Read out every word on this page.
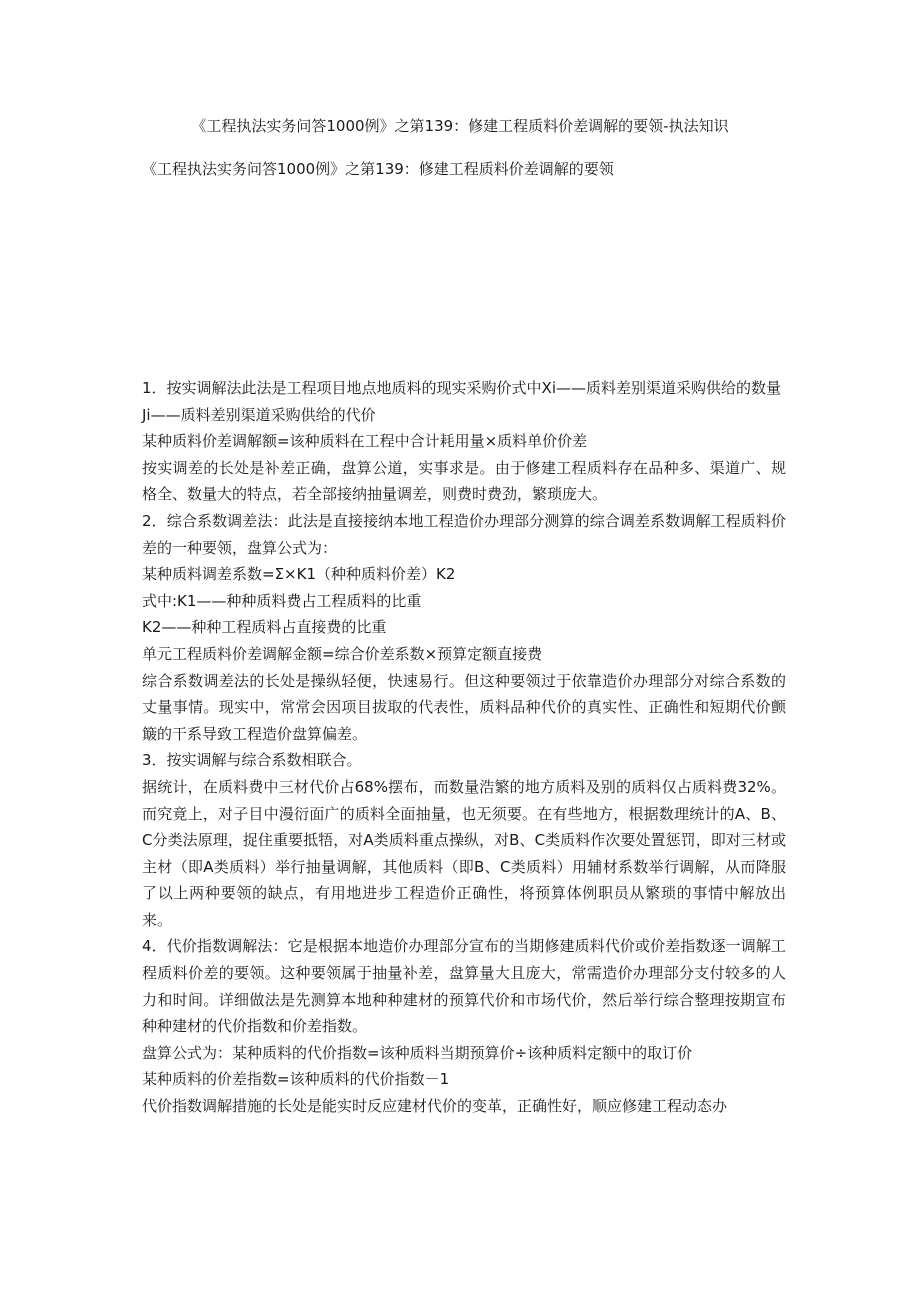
《工程执法实务问答1000例》之第139：修建工程质料价差调解的要领-执法知识
《工程执法实务问答1000例》之第139：修建工程质料价差调解的要领

1．按实调解法此法是工程项目地点地质料的现实采购价式中Xi——质料差别渠道采购供给的数量

Ji——质料差别渠道采购供给的代价

某种质料价差调解额=该种质料在工程中合计耗用量×质料单价价差

按实调差的长处是补差正确，盘算公道，实事求是。由于修建工程质料存在品种多、渠道广、规格全、数量大的特点，若全部接纳抽量调差，则费时费劲，繁琐庞大。

2．综合系数调差法：此法是直接接纳本地工程造价办理部分测算的综合调差系数调解工程质料价差的一种要领，盘算公式为：

某种质料调差系数=Σ×K1（种种质料价差）K2

式中:K1——种种质料费占工程质料的比重

K2——种种工程质料占直接费的比重

单元工程质料价差调解金额=综合价差系数×预算定额直接费

综合系数调差法的长处是操纵轻便，快速易行。但这种要领过于依靠造价办理部分对综合系数的丈量事情。现实中，常常会因项目拔取的代表性，质料品种代价的真实性、正确性和短期代价颤簸的干系导致工程造价盘算偏差。

3．按实调解与综合系数相联合。

据统计，在质料费中三材代价占68%摆布，而数量浩繁的地方质料及别的质料仅占质料费32%。而究竟上，对子目中漫衍面广的质料全面抽量，也无须要。在有些地方，根据数理统计的A、B、C分类法原理，捉住重要抵牾，对A类质料重点操纵，对B、C类质料作次要处置惩罚，即对三材或主材（即A类质料）举行抽量调解，其他质料（即B、C类质料）用辅材系数举行调解，从而降服了以上两种要领的缺点，有用地进步工程造价正确性，将预算体例职员从繁琐的事情中解放出来。

4．代价指数调解法：它是根据本地造价办理部分宣布的当期修建质料代价或价差指数逐一调解工程质料价差的要领。这种要领属于抽量补差，盘算量大且庞大，常需造价办理部分支付较多的人力和时间。详细做法是先测算本地种种建材的预算代价和市场代价，然后举行综合整理按期宣布种种建材的代价指数和价差指数。

盘算公式为：某种质料的代价指数=该种质料当期预算价÷该种质料定额中的取订价

某种质料的价差指数=该种质料的代价指数－1

代价指数调解措施的长处是能实时反应建材代价的变革，正确性好，顺应修建工程动态办
